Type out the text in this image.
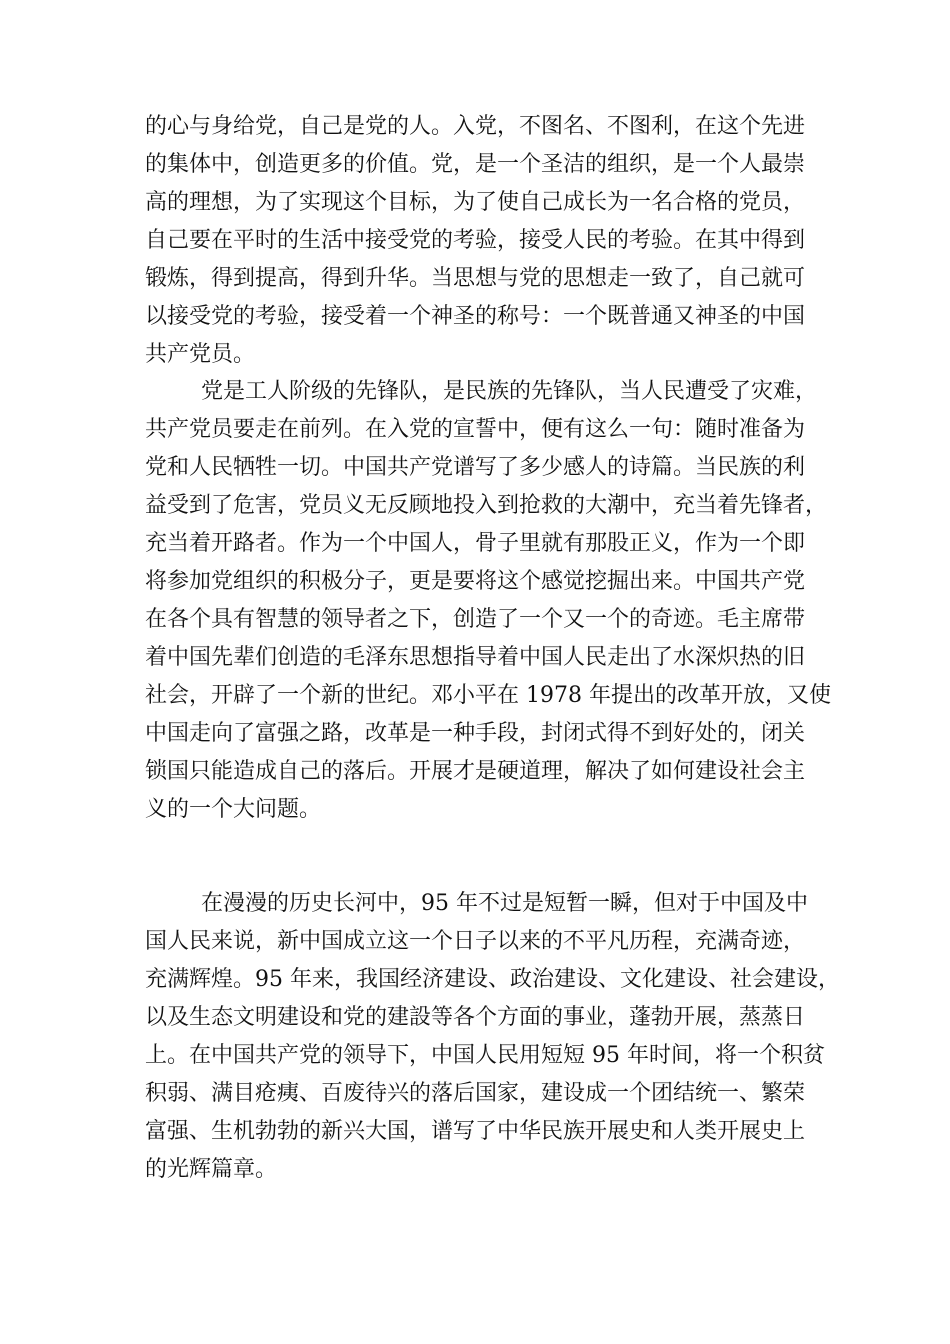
的心与身给党，自己是党的人。入党，不图名、不图利，在这个先进
的集体中，创造更多的价值。党，是一个圣洁的组织，是一个人最崇
高的理想，为了实现这个目标，为了使自己成长为一名合格的党员，
自己要在平时的生活中接受党的考验，接受人民的考验。在其中得到
锻炼，得到提高，得到升华。当思想与党的思想走一致了，自己就可
以接受党的考验，接受着一个神圣的称号：一个既普通又神圣的中国
共产党员。
党是工人阶级的先锋队，是民族的先锋队，当人民遭受了灾难，
共产党员要走在前列。在入党的宣誓中，便有这么一句：随时准备为
党和人民牺牲一切。中国共产党谱写了多少感人的诗篇。当民族的利
益受到了危害，党员义无反顾地投入到抢救的大潮中，充当着先锋者，
充当着开路者。作为一个中国人，骨子里就有那股正义，作为一个即
将参加党组织的积极分子，更是要将这个感觉挖掘出来。中国共产党
在各个具有智慧的领导者之下，创造了一个又一个的奇迹。毛主席带
着中国先辈们创造的毛泽东思想指导着中国人民走出了水深炽热的旧
社会，开辟了一个新的世纪。邓小平在 1978 年提出的改革开放，又使
中国走向了富强之路，改革是一种手段，封闭式得不到好处的，闭关
锁国只能造成自己的落后。开展才是硬道理，解决了如何建设社会主
义的一个大问题。
在漫漫的历史长河中，95 年不过是短暂一瞬，但对于中国及中
国人民来说，新中国成立这一个日子以来的不平凡历程，充满奇迹，
充满辉煌。95 年来，我国经济建设、政治建设、文化建设、社会建设，
以及生态文明建设和党的建設等各个方面的事业，蓬勃开展，蒸蒸日
上。在中国共产党的领导下，中国人民用短短 95 年时间，将一个积贫
积弱、满目疮痍、百废待兴的落后国家，建设成一个团结统一、繁荣
富强、生机勃勃的新兴大国，谱写了中华民族开展史和人类开展史上
的光辉篇章。
